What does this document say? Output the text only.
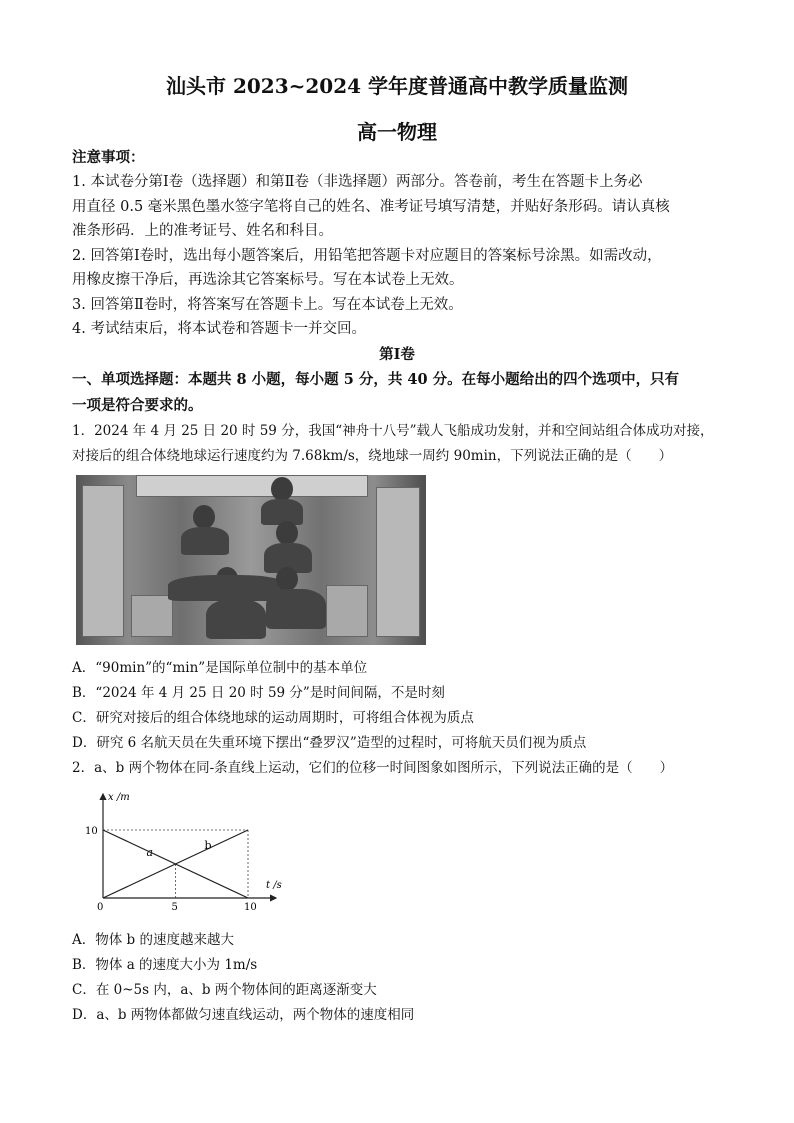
汕头市 2023~2024 学年度普通高中教学质量监测
高一物理
注意事项：
1. 本试卷分第Ⅰ卷（选择题）和第Ⅱ卷（非选择题）两部分。答卷前，考生在答题卡上务必
用直径 0.5 毫米黑色墨水签字笔将自己的姓名、准考证号填写清楚，并贴好条形码。请认真核
准条形码．上的准考证号、姓名和科目。
2. 回答第Ⅰ卷时，选出每小题答案后，用铅笔把答题卡对应题目的答案标号涂黑。如需改动，
用橡皮擦干净后，再选涂其它答案标号。写在本试卷上无效。
3. 回答第Ⅱ卷时，将答案写在答题卡上。写在本试卷上无效。
4. 考试结束后，将本试卷和答题卡一并交回。
第Ⅰ卷
一、单项选择题：本题共 8 小题，每小题 5 分，共 40 分。在每小题给出的四个选项中，只有
一项是符合要求的。
1．2024 年 4 月 25 日 20 时 59 分，我国“神舟十八号”载人飞船成功发射，并和空间站组合体成功对接，
对接后的组合体绕地球运行速度约为 7.68km/s，绕地球一周约 90min，下列说法正确的是（　　）
A．“90min”的“min”是国际单位制中的基本单位
B．“2024 年 4 月 25 日 20 时 59 分”是时间间隔，不是时刻
C．研究对接后的组合体绕地球的运动周期时，可将组合体视为质点
D．研究 6 名航天员在失重环境下摆出“叠罗汉”造型的过程时，可将航天员们视为质点
2．a、b 两个物体在同-条直线上运动，它们的位移一时间图象如图所示，下列说法正确的是（　　）
x /m
t /s
0	5	10
10
a
b
A．物体 b 的速度越来越大
B．物体 a 的速度大小为 1m/s
C．在 0~5s 内，a、b 两个物体间的距离逐渐变大
D．a、b 两物体都做匀速直线运动，两个物体的速度相同
